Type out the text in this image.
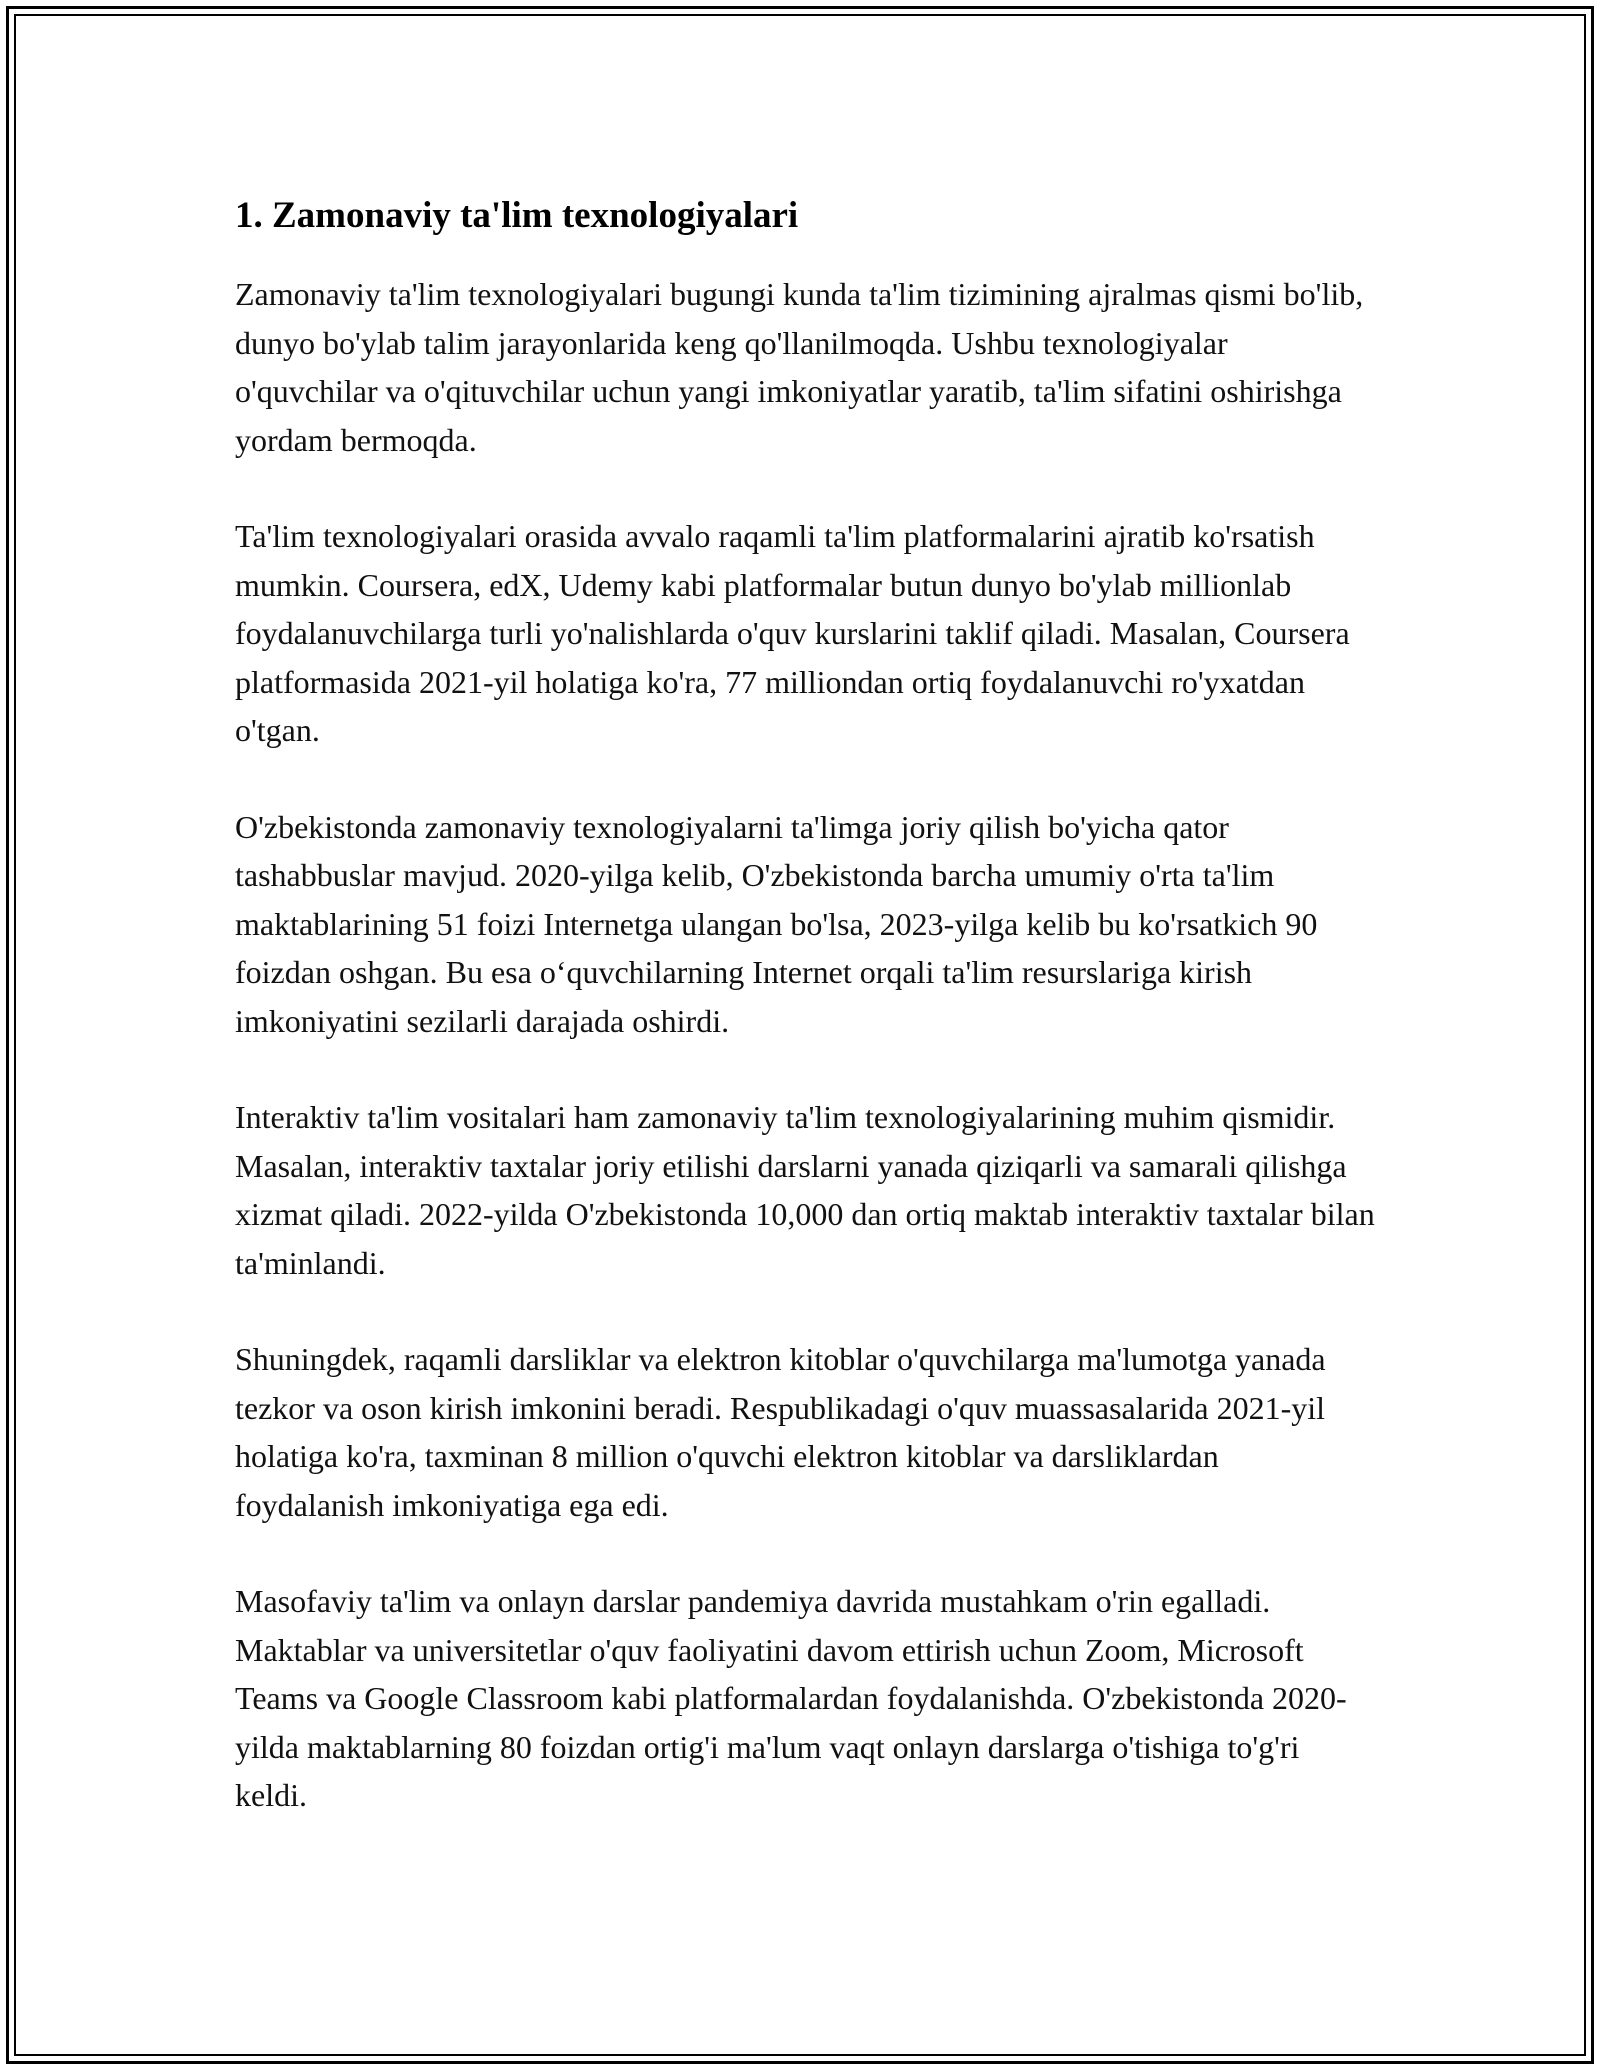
1. Zamonaviy ta'lim texnologiyalari

Zamonaviy ta'lim texnologiyalari bugungi kunda ta'lim tizimining ajralmas qismi bo'lib, dunyo bo'ylab talim jarayonlarida keng qo'llanilmoqda. Ushbu texnologiyalar o'quvchilar va o'qituvchilar uchun yangi imkoniyatlar yaratib, ta'lim sifatini oshirishga yordam bermoqda.

Ta'lim texnologiyalari orasida avvalo raqamli ta'lim platformalarini ajratib ko'rsatish mumkin. Coursera, edX, Udemy kabi platformalar butun dunyo bo'ylab millionlab foydalanuvchilarga turli yo'nalishlarda o'quv kurslarini taklif qiladi. Masalan, Coursera platformasida 2021-yil holatiga ko'ra, 77 milliondan ortiq foydalanuvchi ro'yxatdan o'tgan.

O'zbekistonda zamonaviy texnologiyalarni ta'limga joriy qilish bo'yicha qator tashabbuslar mavjud. 2020-yilga kelib, O'zbekistonda barcha umumiy o'rta ta'lim maktablarining 51 foizi Internetga ulangan bo'lsa, 2023-yilga kelib bu ko'rsatkich 90 foizdan oshgan. Bu esa o‘quvchilarning Internet orqali ta'lim resurslariga kirish imkoniyatini sezilarli darajada oshirdi.

Interaktiv ta'lim vositalari ham zamonaviy ta'lim texnologiyalarining muhim qismidir. Masalan, interaktiv taxtalar joriy etilishi darslarni yanada qiziqarli va samarali qilishga xizmat qiladi. 2022-yilda O'zbekistonda 10,000 dan ortiq maktab interaktiv taxtalar bilan ta'minlandi.

Shuningdek, raqamli darsliklar va elektron kitoblar o'quvchilarga ma'lumotga yanada tezkor va oson kirish imkonini beradi. Respublikadagi o'quv muassasalarida 2021-yil holatiga ko'ra, taxminan 8 million o'quvchi elektron kitoblar va darsliklardan foydalanish imkoniyatiga ega edi.

Masofaviy ta'lim va onlayn darslar pandemiya davrida mustahkam o'rin egalladi. Maktablar va universitetlar o'quv faoliyatini davom ettirish uchun Zoom, Microsoft Teams va Google Classroom kabi platformalardan foydalanishda. O'zbekistonda 2020-yilda maktablarning 80 foizdan ortig'i ma'lum vaqt onlayn darslarga o'tishiga to'g'ri keldi.
